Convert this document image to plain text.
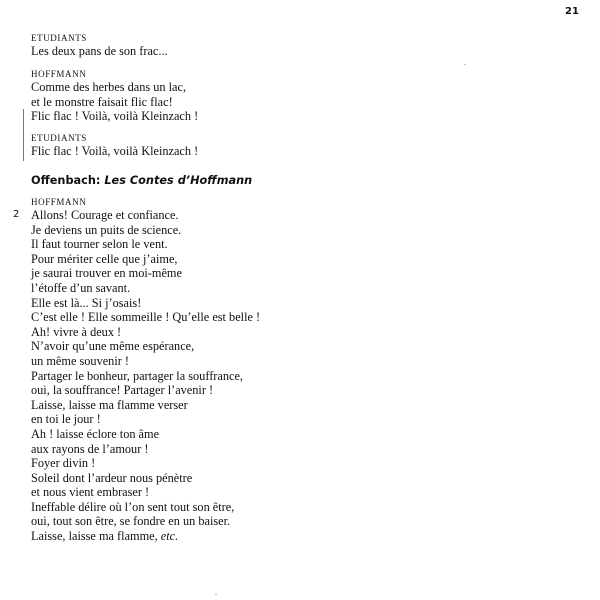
21
ETUDIANTS
Les deux pans de son frac...
HOFFMANN
Comme des herbes dans un lac,
et le monstre faisait flic flac!
Flic flac ! Voilà, voilà Kleinzach !
ETUDIANTS
Flic flac ! Voilà, voilà Kleinzach !
Offenbach: Les Contes d’Hoffmann
2
HOFFMANN
Allons! Courage et confiance.
Je deviens un puits de science.
Il faut tourner selon le vent.
Pour mériter celle que j’aime,
je saurai trouver en moi-même
l’étoffe d’un savant.
Elle est là... Si j’osais!
C’est elle ! Elle sommeille ! Qu’elle est belle !
Ah! vivre à deux !
N’avoir qu’une même espérance,
un même souvenir !
Partager le bonheur, partager la souffrance,
oui, la souffrance! Partager l’avenir !
Laisse, laisse ma flamme verser
en toi le jour !
Ah ! laisse éclore ton âme
aux rayons de l’amour !
Foyer divin !
Soleil dont l’ardeur nous pénètre
et nous vient embraser !
Ineffable délire où l’on sent tout son être,
oui, tout son être, se fondre en un baiser.
Laisse, laisse ma flamme, etc.
